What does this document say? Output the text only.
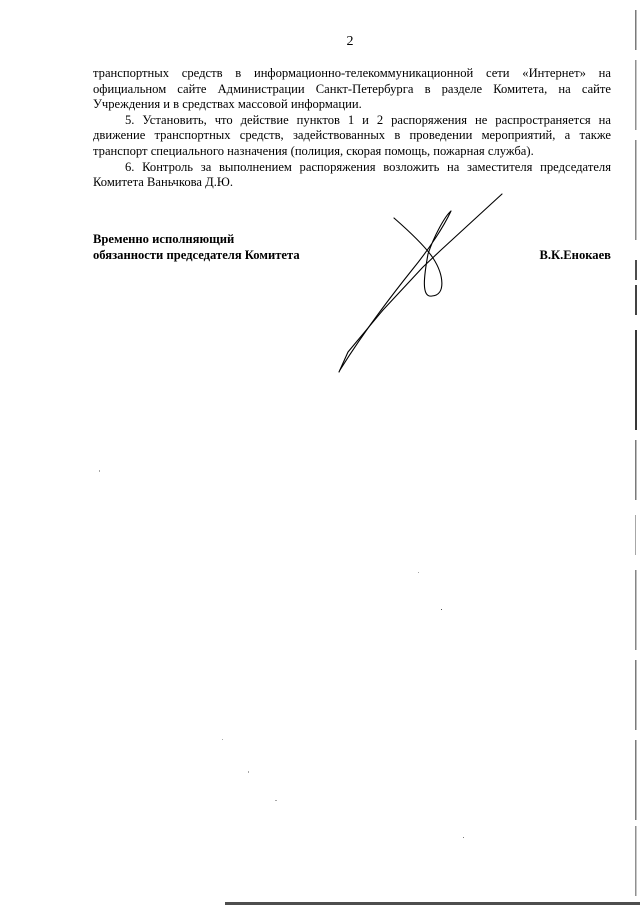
2

транспортных средств в информационно-телекоммуникационной сети «Интернет» на официальном сайте Администрации Санкт-Петербурга в разделе Комитета, на сайте Учреждения и в средствах массовой информации.

5. Установить, что действие пунктов 1 и 2 распоряжения не распространяется на движение транспортных средств, задействованных в проведении мероприятий, а также транспорт специального назначения (полиция, скорая помощь, пожарная служба).

6. Контроль за выполнением распоряжения возложить на заместителя председателя Комитета Ваньчкова Д.Ю.

Временно исполняющий
обязанности председателя Комитета	В.К.Енокаев
